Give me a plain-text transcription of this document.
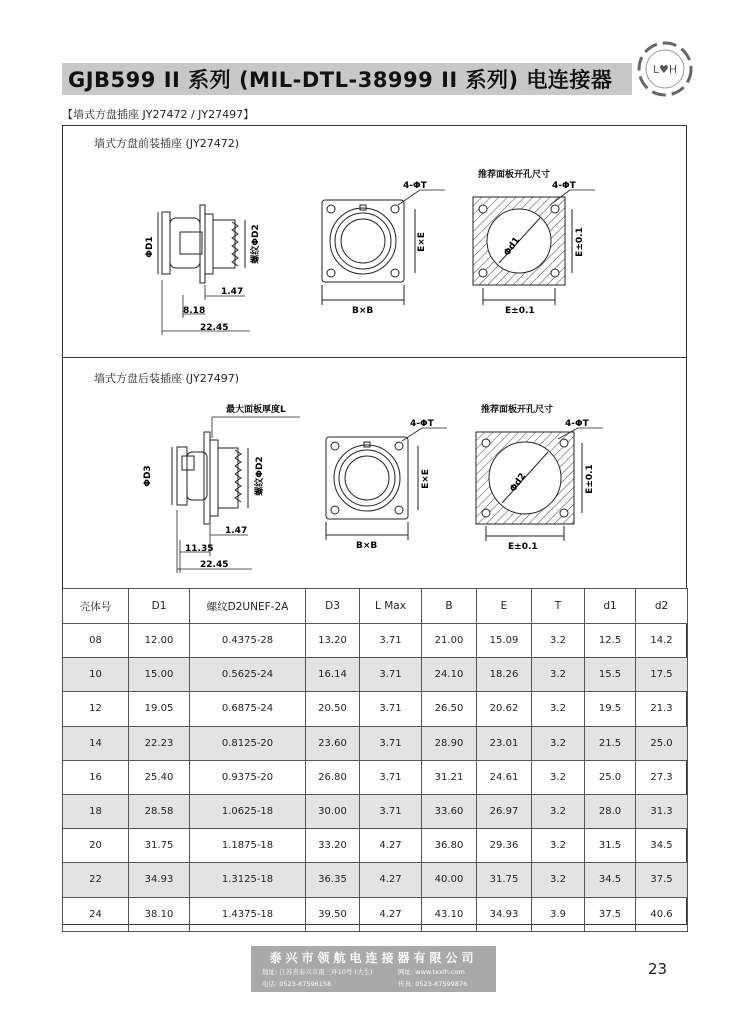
GJB599 II 系列 (MIL-DTL-38999 II 系列) 电连接器	L♥H
【墙式方盘插座 JY27472 / JY27497】
墙式方盘前装插座 (JY27472)
墙式方盘后装插座 (JY27497)
ΦD1	螺纹ΦD2
1.47
8.18
22.45
4-ΦT
E×E
B×B
推荐面板开孔尺寸
4-ΦT
Φd1	E±0.1
E±0.1
最大面板厚度L
ΦD3	螺纹ΦD2
1.47
11.35
22.45
4-ΦT
E×E
B×B
推荐面板开孔尺寸
4-ΦT
Φd2	E±0.1
E±0.1
壳体号	D1	螺纹D2UNEF-2A	D3	L Max	B	E	T	d1	d2
08	12.00	0.4375-28	13.20	3.71	21.00	15.09	3.2	12.5	14.2
10	15.00	0.5625-24	16.14	3.71	24.10	18.26	3.2	15.5	17.5
12	19.05	0.6875-24	20.50	3.71	26.50	20.62	3.2	19.5	21.3
14	22.23	0.8125-20	23.60	3.71	28.90	23.01	3.2	21.5	25.0
16	25.40	0.9375-20	26.80	3.71	31.21	24.61	3.2	25.0	27.3
18	28.58	1.0625-18	30.00	3.71	33.60	26.97	3.2	28.0	31.3
20	31.75	1.1875-18	33.20	4.27	36.80	29.36	3.2	31.5	34.5
22	34.93	1.3125-18	36.35	4.27	40.00	31.75	3.2	34.5	37.5
24	38.10	1.4375-18	39.50	4.27	43.10	34.93	3.9	37.5	40.6
泰兴市领航电连接器有限公司
地址: 江苏省泰兴市南三环10号 (大生)	网址: www.txxlh.com
电话: 0523-87596158	传真: 0523-87599876
23
